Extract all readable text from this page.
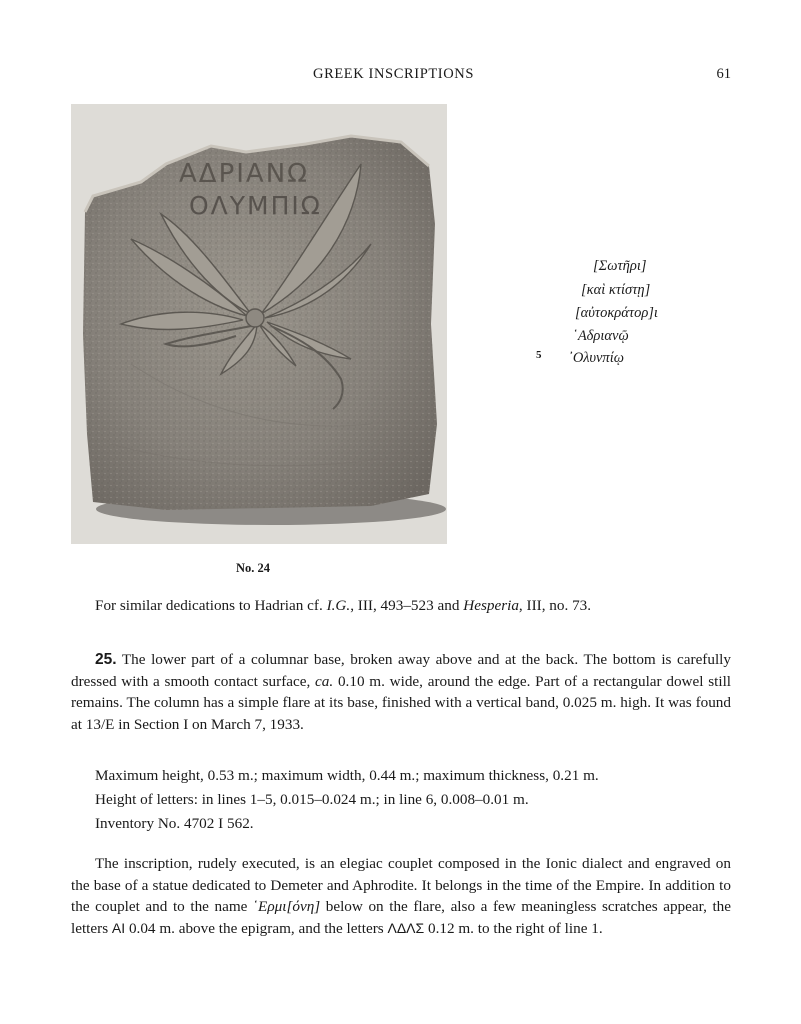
GREEK INSCRIPTIONS	61
ΑΔΡΙΑΝΩ
ΟΛΥΜΠΙΩ
No. 24
[Σωτῆρι]
[καὶ κτίστῃ]
[αὐτοκράτορ]ι
῾Αδριανῷ
᾿Ολυνπίῳ
5
For similar dedications to Hadrian cf. I.G., III, 493–523 and Hesperia, III, no. 73.
25. The lower part of a columnar base, broken away above and at the back. The bottom is carefully dressed with a smooth contact surface, ca. 0.10 m. wide, around the edge. Part of a rectangular dowel still remains. The column has a simple flare at its base, finished with a vertical band, 0.025 m. high. It was found at 13/E in Section Ι on March 7, 1933.
Maximum height, 0.53 m.; maximum width, 0.44 m.; maximum thickness, 0.21 m.
Height of letters: in lines 1–5, 0.015–0.024 m.; in line 6, 0.008–0.01 m.
Inventory No. 4702 I 562.
The inscription, rudely executed, is an elegiac couplet composed in the Ionic dialect and engraved on the base of a statue dedicated to Demeter and Aphrodite. It belongs in the time of the Empire. In addition to the couplet and to the name ῾Ερμι[όνη] below on the flare, also a few meaningless scratches appear, the letters ΑΙ 0.04 m. above the epigram, and the letters ΛΔΛΣ 0.12 m. to the right of line 1.
